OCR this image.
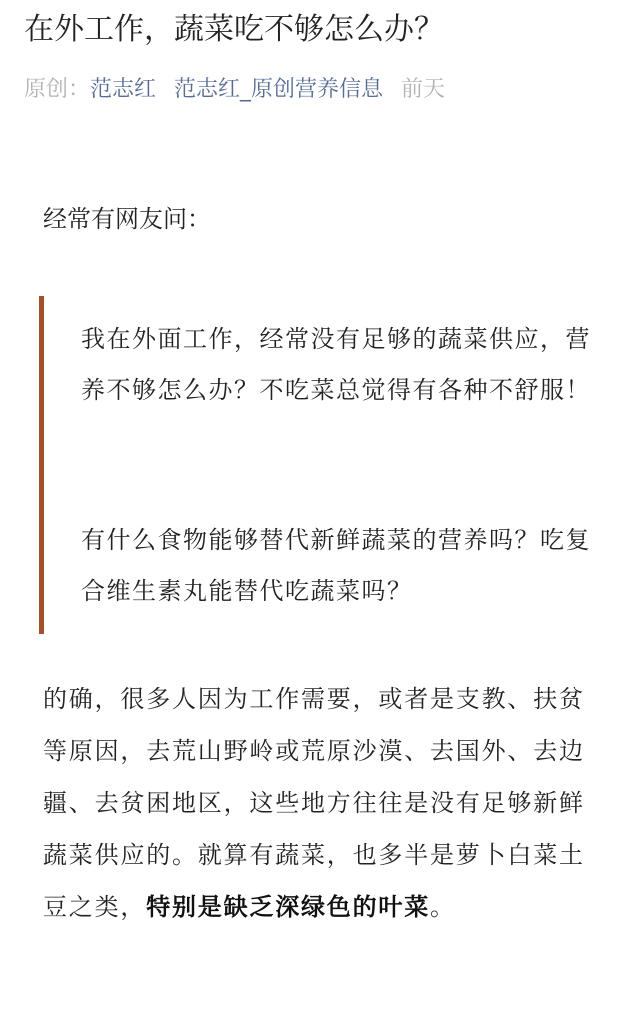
在外工作，蔬菜吃不够怎么办？
原创：范志红 范志红_原创营养信息 前天

经常有网友问：

我在外面工作，经常没有足够的蔬菜供应，营养不够怎么办？不吃菜总觉得有各种不舒服！

有什么食物能够替代新鲜蔬菜的营养吗？吃复合维生素丸能替代吃蔬菜吗？

的确，很多人因为工作需要，或者是支教、扶贫等原因，去荒山野岭或荒原沙漠、去国外、去边疆、去贫困地区，这些地方往往是没有足够新鲜蔬菜供应的。就算有蔬菜，也多半是萝卜白菜土豆之类，特别是缺乏深绿色的叶菜。
